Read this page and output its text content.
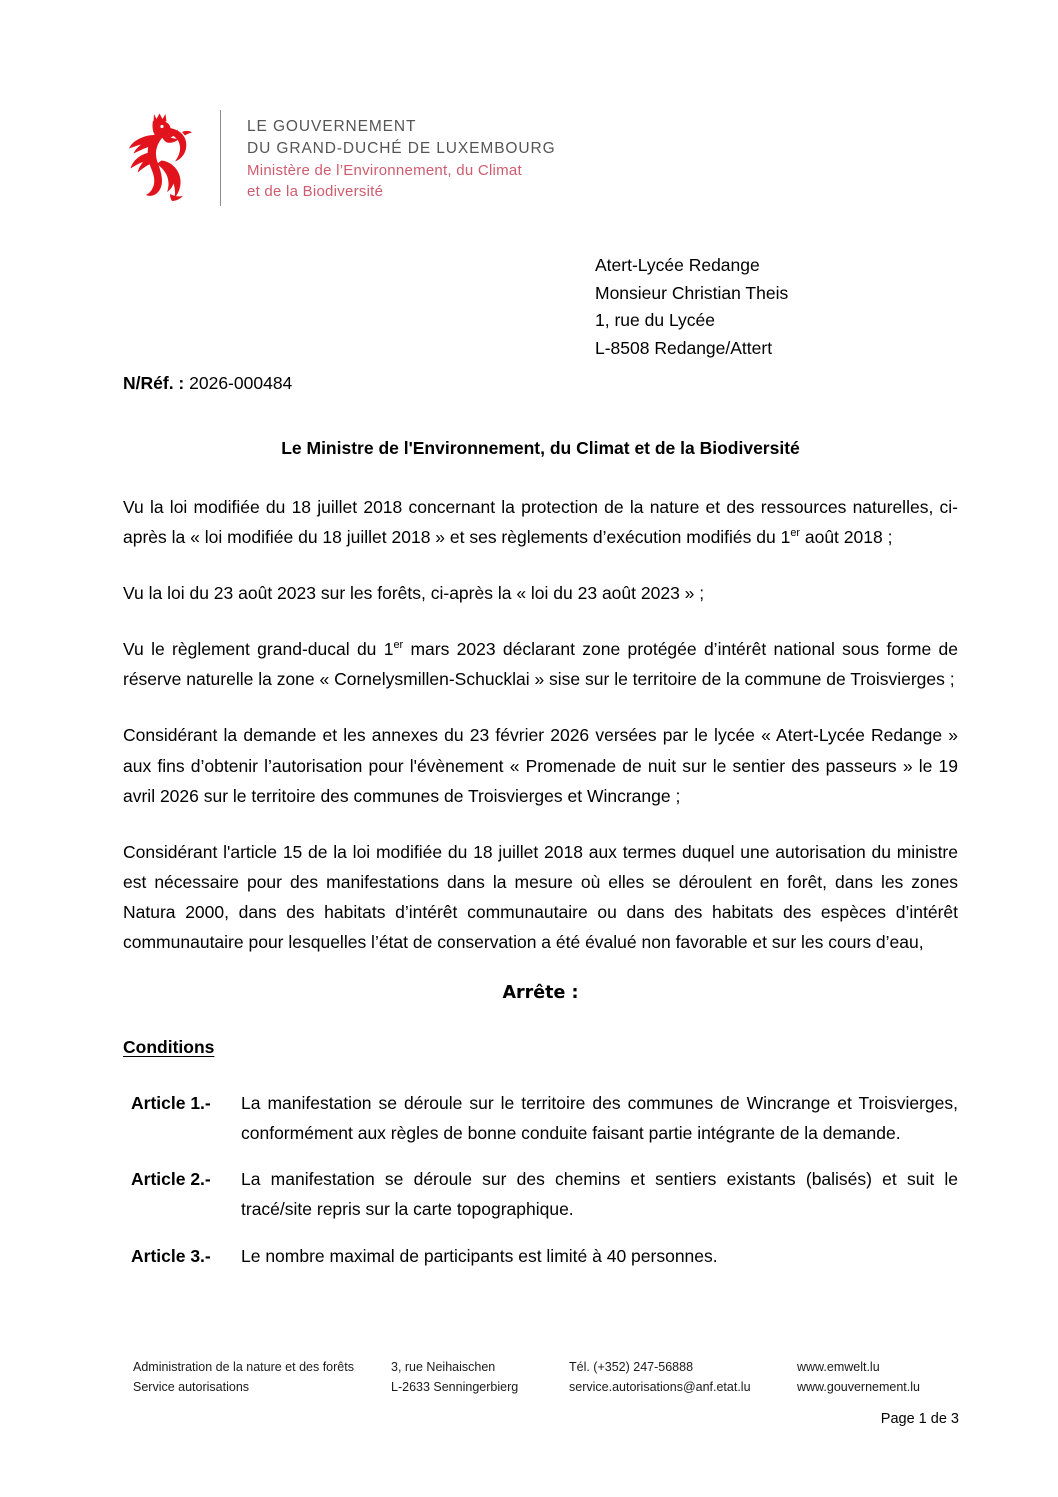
LE GOUVERNEMENT
DU GRAND-DUCHÉ DE LUXEMBOURG
Ministère de l’Environnement, du Climat
et de la Biodiversité
Atert-Lycée Redange
Monsieur Christian Theis
1, rue du Lycée
L-8508 Redange/Attert
N/Réf. : 2026-000484
Le Ministre de l'Environnement, du Climat et de la Biodiversité

Vu la loi modifiée du 18 juillet 2018 concernant la protection de la nature et des ressources naturelles, ci-après la « loi modifiée du 18 juillet 2018 » et ses règlements d’exécution modifiés du 1er août 2018 ;

Vu la loi du 23 août 2023 sur les forêts, ci-après la « loi du 23 août 2023 » ;

Vu le règlement grand-ducal du 1er mars 2023 déclarant zone protégée d’intérêt national sous forme de réserve naturelle la zone « Cornelysmillen-Schucklai » sise sur le territoire de la commune de Troisvierges ;

Considérant la demande et les annexes du 23 février 2026 versées par le lycée « Atert-Lycée Redange » aux fins d’obtenir l’autorisation pour l'évènement « Promenade de nuit sur le sentier des passeurs » le 19 avril 2026 sur le territoire des communes de Troisvierges et Wincrange ;

Considérant l'article 15 de la loi modifiée du 18 juillet 2018 aux termes duquel une autorisation du ministre est nécessaire pour des manifestations dans la mesure où elles se déroulent en forêt, dans les zones Natura 2000, dans des habitats d’intérêt communautaire ou dans des habitats des espèces d’intérêt communautaire pour lesquelles l’état de conservation a été évalué non favorable et sur les cours d’eau,

Arrête :
Conditions
Article 1.-	La manifestation se déroule sur le territoire des communes de Wincrange et Troisvierges, conformément aux règles de bonne conduite faisant partie intégrante de la demande.
Article 2.-	La manifestation se déroule sur des chemins et sentiers existants (balisés) et suit le tracé/site repris sur la carte topographique.
Article 3.-	Le nombre maximal de participants est limité à 40 personnes.
Administration de la nature et des forêts
Service autorisations
3, rue Neihaischen
L-2633 Senningerbierg
Tél. (+352) 247-56888
service.autorisations@anf.etat.lu
www.emwelt.lu
www.gouvernement.lu
Page 1 de 3
